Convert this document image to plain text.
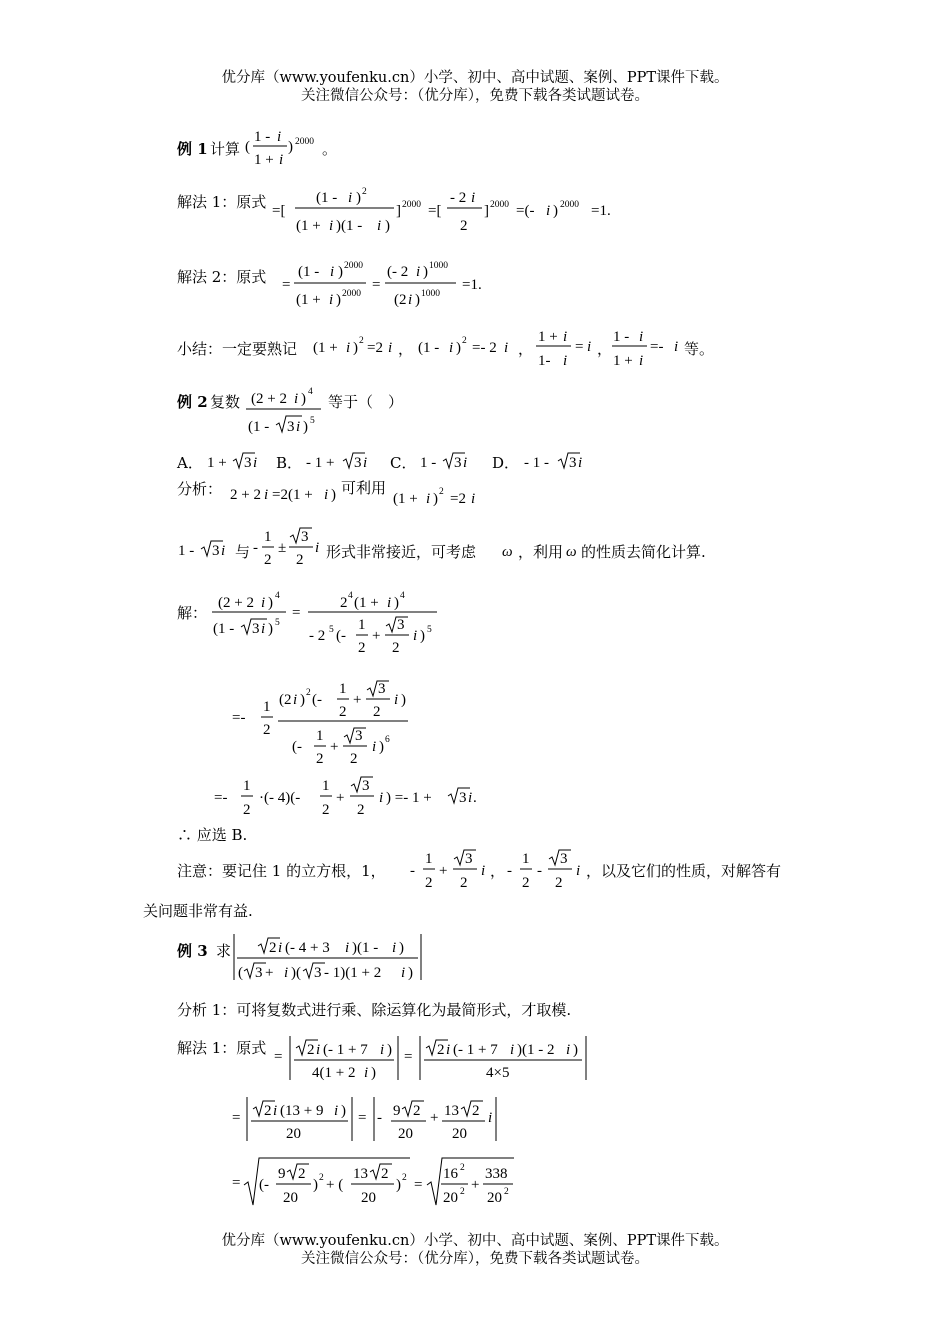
优分库（www.youfenku.cn）小学、初中、高中试题、案例、PPT课件下载。
关注微信公众号：（优分库），免费下载各类试题试卷。
例 1 计算 (
1 - i
1 + i
) 2000 。
解法 1：原式 =[
(1 - i ) 2
(1 + i )(1 - i )
] 2000 =[
- 2 i
2
] 2000 =(- i ) 2000 =1.
解法 2：原式 =
(1 - i ) 2000
(1 + i ) 2000
=
(- 2 i ) 1000
(2 i ) 1000
=1.
小结：一定要熟记 (1 + i ) 2 =2 i ， (1 - i ) 2 =- 2 i ，
1 + i
1- i
= i ，
1 - i
1 + i
=- i 等。
例 2 复数 (2 + 2 i ) 4
(1 - 3 i ) 5
等于（　）
A． 1 + 3 i B． - 1 + 3 i C． 1 - 3 i D． - 1 - 3 i
分析： 2 + 2 i =2(1 + i ) 可利用
(1 + i ) 2 =2 i
1 - 3 i 与 -
1
2
±
3
2
i 形式非常接近，可考虑 ω ，利用 ω 的性质去简化计算.
解：
(2 + 2 i ) 4
(1 - 3 i ) 5
=
2 4 (1 + i ) 4
- 2 5 (-
1
2
+
3
2
i ) 5
=-
1
2
(2 i ) 2 (-
1
2
+
3
2
i )
(-
1
2
+
3
2
i ) 6
=-
1
2
·(- 4)(-
1
2
+
3
2
i ) =- 1 + 3 i .
∴ 应选 B.
注意：要记住 1 的立方根，1， -
1
2
+
3
2
i ， -
1
2
-
3
2
i ，以及它们的性质，对解答有
关问题非常有益.
例 3 求	2 i (- 4 + 3 i )(1 - i )
( 3 + i )( 3 - 1)(1 + 2 i )
分析 1：可将复数式进行乘、除运算化为最简形式，才取模.
解法 1：原式 = 2 i (- 1 + 7 i )
4(1 + 2 i )
= 2 i (- 1 + 7 i )(1 - 2 i )
4×5
= 2 i (13 + 9 i )
20
= - 9 2
20
+ 13 2
20
i
= (-
9 2
20
) 2 + (
13 2
20
) 2 =
16 2
20 2 +
338
20 2
优分库（www.youfenku.cn）小学、初中、高中试题、案例、PPT课件下载。
关注微信公众号：（优分库），免费下载各类试题试卷。
